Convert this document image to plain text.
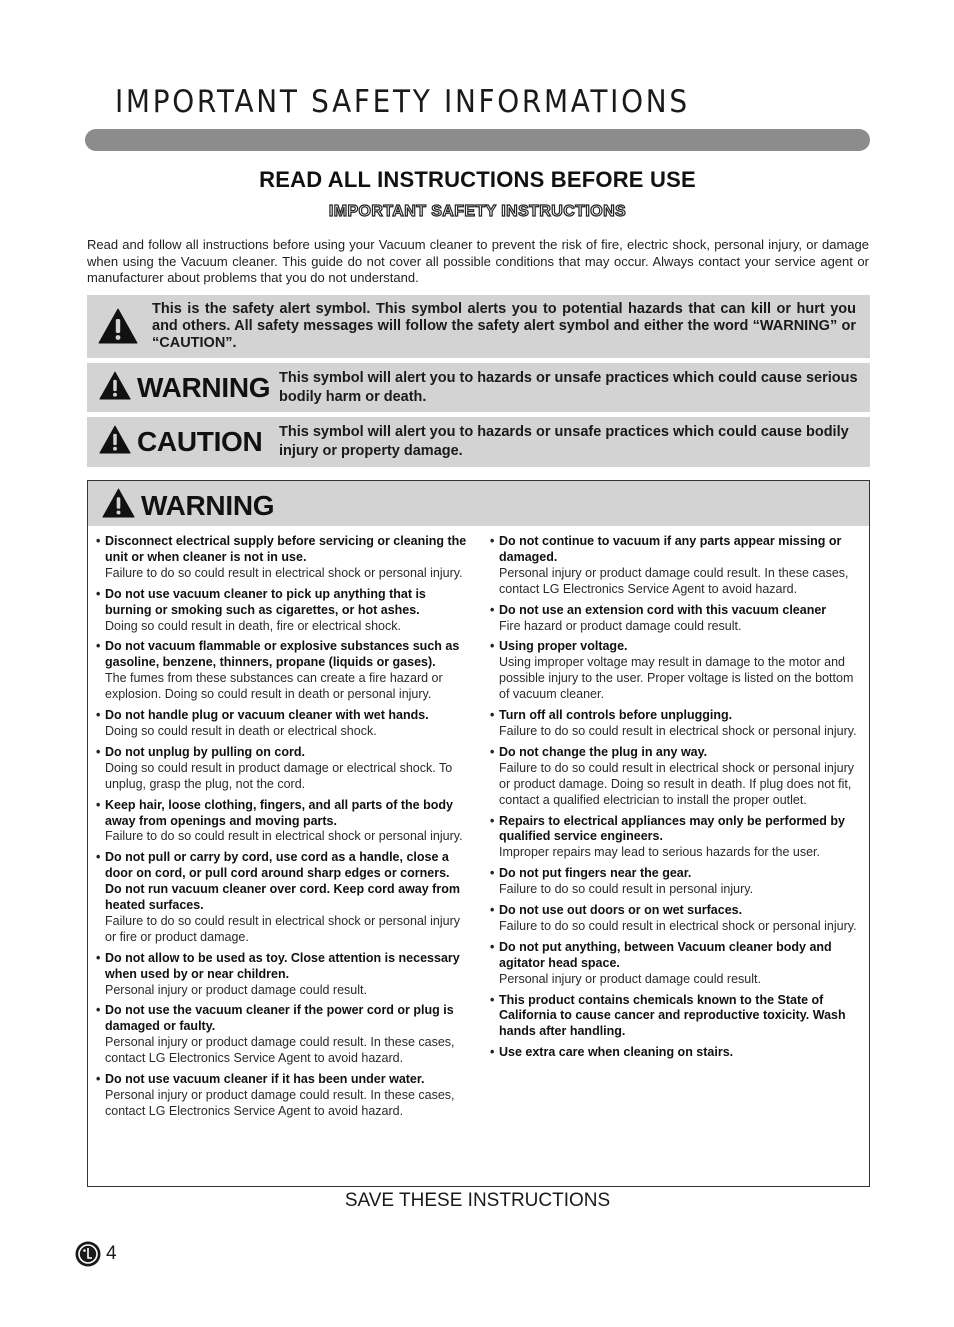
IMPORTANT SAFETY INFORMATIONS
READ ALL INSTRUCTIONS BEFORE USE
IMPORTANT SAFETY INSTRUCTIONS

Read and follow all instructions before using your Vacuum cleaner to prevent the risk of fire, electric shock, personal injury, or damage when using the Vacuum cleaner. This guide do not cover all possible conditions that may occur. Always contact your service agent or manufacturer about problems that you do not understand.

This is the safety alert symbol. This symbol alerts you to potential hazards that can kill or hurt you and others. All safety messages will follow the safety alert symbol and either the word “WARNING” or “CAUTION”.

WARNING This symbol will alert you to hazards or unsafe practices which could cause serious bodily harm or death.

CAUTION This symbol will alert you to hazards or unsafe practices which could cause bodily injury or property damage.

WARNING
• Disconnect electrical supply before servicing or cleaning the unit or when cleaner is not in use.
Failure to do so could result in electrical shock or personal injury.
• Do not use vacuum cleaner to pick up anything that is burning or smoking such as cigarettes, or hot ashes.
Doing so could result in death, fire or electrical shock.
• Do not vacuum flammable or explosive substances such as gasoline, benzene, thinners, propane (liquids or gases).
The fumes from these substances can create a fire hazard or explosion. Doing so could result in death or personal injury.
• Do not handle plug or vacuum cleaner with wet hands.
Doing so could result in death or electrical shock.
• Do not unplug by pulling on cord.
Doing so could result in product damage or electrical shock. To unplug, grasp the plug, not the cord.
• Keep hair, loose clothing, fingers, and all parts of the body away from openings and moving parts.
Failure to do so could result in electrical shock or personal injury.
• Do not pull or carry by cord, use cord as a handle, close a door on cord, or pull cord around sharp edges or corners. Do not run vacuum cleaner over cord. Keep cord away from heated surfaces.
Failure to do so could result in electrical shock or personal injury or fire or product damage.
• Do not allow to be used as toy. Close attention is necessary when used by or near children.
Personal injury or product damage could result.
• Do not use the vacuum cleaner if the power cord or plug is damaged or faulty.
Personal injury or product damage could result. In these cases, contact LG Electronics Service Agent to avoid hazard.
• Do not use vacuum cleaner if it has been under water.
Personal injury or product damage could result. In these cases, contact LG Electronics Service Agent to avoid hazard.
• Do not continue to vacuum if any parts appear missing or damaged.
Personal injury or product damage could result. In these cases, contact LG Electronics Service Agent to avoid hazard.
• Do not use an extension cord with this vacuum cleaner
Fire hazard or product damage could result.
• Using proper voltage.
Using improper voltage may result in damage to the motor and possible injury to the user. Proper voltage is listed on the bottom of vacuum cleaner.
• Turn off all controls before unplugging.
Failure to do so could result in electrical shock or personal injury.
• Do not change the plug in any way.
Failure to do so could result in electrical shock or personal injury or product damage. Doing so result in death. If plug does not fit, contact a qualified electrician to install the proper outlet.
• Repairs to electrical appliances may only be performed by qualified service engineers.
Improper repairs may lead to serious hazards for the user.
• Do not put fingers near the gear.
Failure to do so could result in personal injury.
• Do not use out doors or on wet surfaces.
Failure to do so could result in electrical shock or personal injury.
• Do not put anything, between Vacuum cleaner body and agitator head space.
Personal injury or product damage could result.
• This product contains chemicals known to the State of California to cause cancer and reproductive toxicity. Wash hands after handling.
• Use extra care when cleaning on stairs.

SAVE THESE INSTRUCTIONS

4
